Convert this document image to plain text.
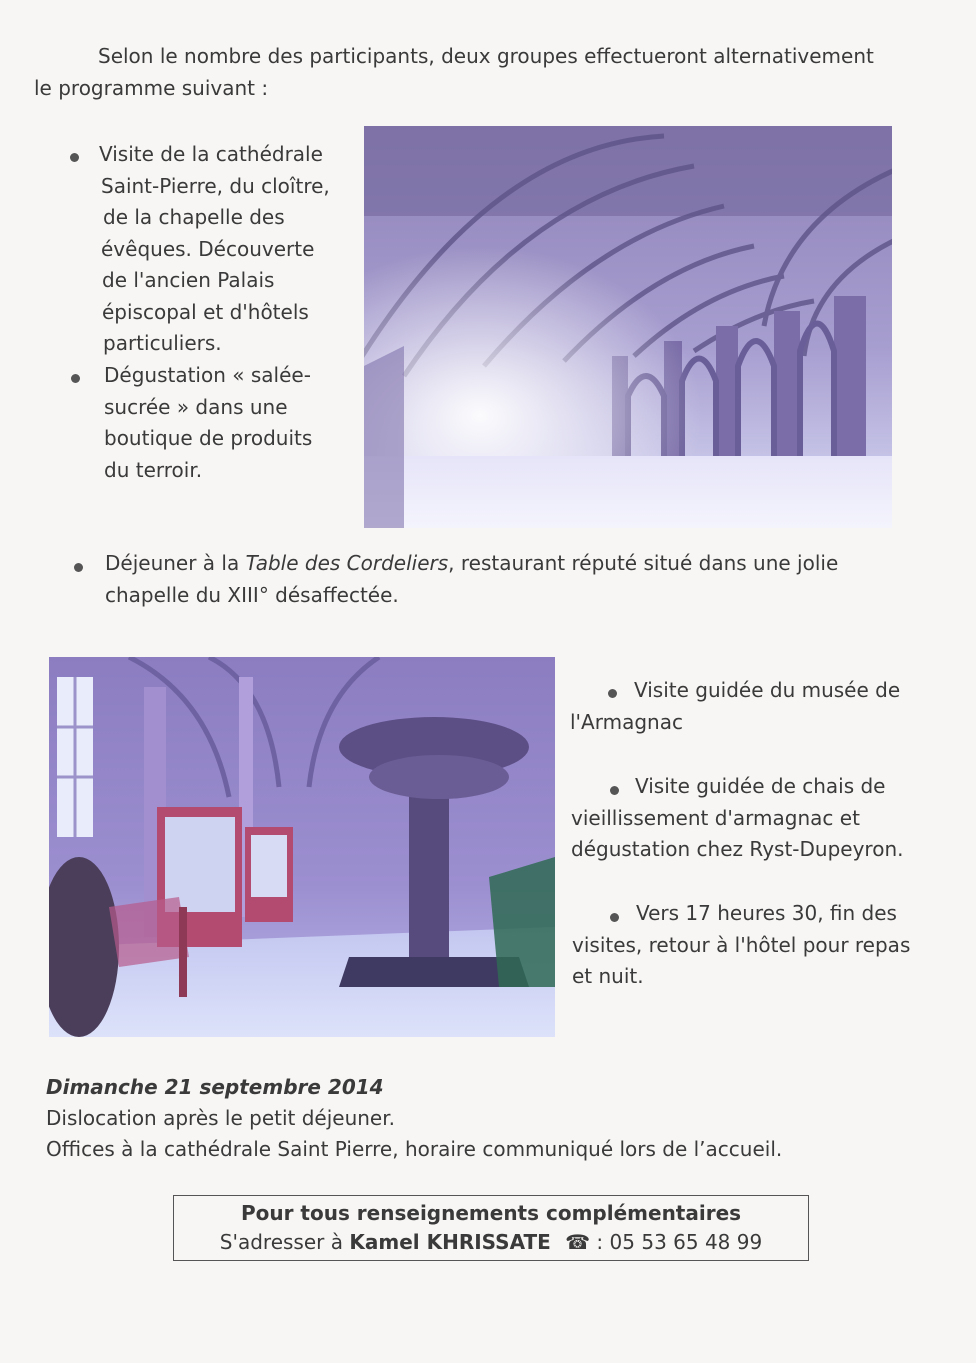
Selon le nombre des participants, deux groupes effectueront alternativement
le programme suivant :
Visite de la cathédrale
Saint-Pierre, du cloître,
de la chapelle des
évêques. Découverte
de l'ancien Palais
épiscopal et d'hôtels
particuliers.
Dégustation « salée-
sucrée » dans une
boutique de produits
du terroir.
Déjeuner à la Table des Cordeliers, restaurant réputé situé dans une jolie
chapelle du XIII° désaffectée.
Visite guidée du musée de
l'Armagnac
Visite guidée de chais de
vieillissement d'armagnac et
dégustation chez Ryst-Dupeyron.
Vers 17 heures 30, fin des
visites, retour à l'hôtel pour repas
et nuit.
Dimanche 21 septembre 2014
Dislocation après le petit déjeuner.
Offices à la cathédrale Saint Pierre, horaire communiqué lors de l’accueil.
Pour tous renseignements complémentaires
S'adresser à Kamel KHRISSATE ☎ : 05 53 65 48 99
